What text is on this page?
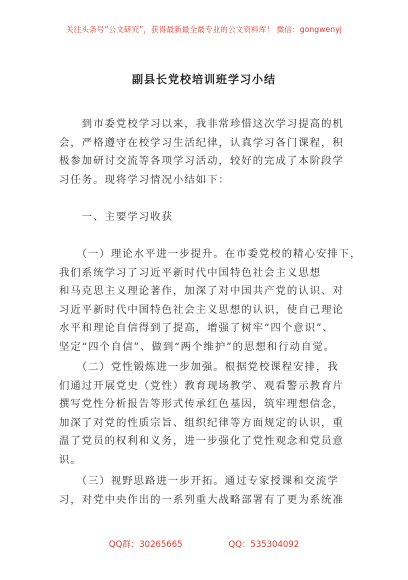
关注头条号“公文研究”，获得最新最全最专业的公文资料库！ 微信：gongwenyj
副县长党校培训班学习小结
　　到市委党校学习以来，我非常珍惜这次学习提高的机
会，严格遵守在校学习生活纪律，认真学习各门课程，积
极参加研讨交流等各项学习活动，较好的完成了本阶段学
习任务。现将学习情况小结如下：
　　一、主要学习收获
　　（一）理论水平进一步提升。在市委党校的精心安排下，
我们系统学习了习近平新时代中国特色社会主义思想
和马克思主义理论著作，加深了对中国共产党的认识、对
习近平新时代中国特色社会主义思想的认识，使自己理论
水平和理论自信得到了提高，增强了树牢“四个意识”、
坚定“四个自信”、做到“两个维护”的思想和行动自觉。
　　（二）党性锻炼进一步加强。根据党校课程安排，我
们通过开展党史（党性）教育现场教学、观看警示教育片
撰写党性分析报告等形式传承红色基因，筑牢理想信念，
加深了对党的性质宗旨、组织纪律等方面规定的认识，重
温了党员的权利和义务，进一步强化了党性观念和党员意
识。
　　（三）视野思路进一步开拓。通过专家授课和交流学
习，对党中央作出的一系列重大战略部署有了更为系统准
QQ群：30265665	QQ：535304092
